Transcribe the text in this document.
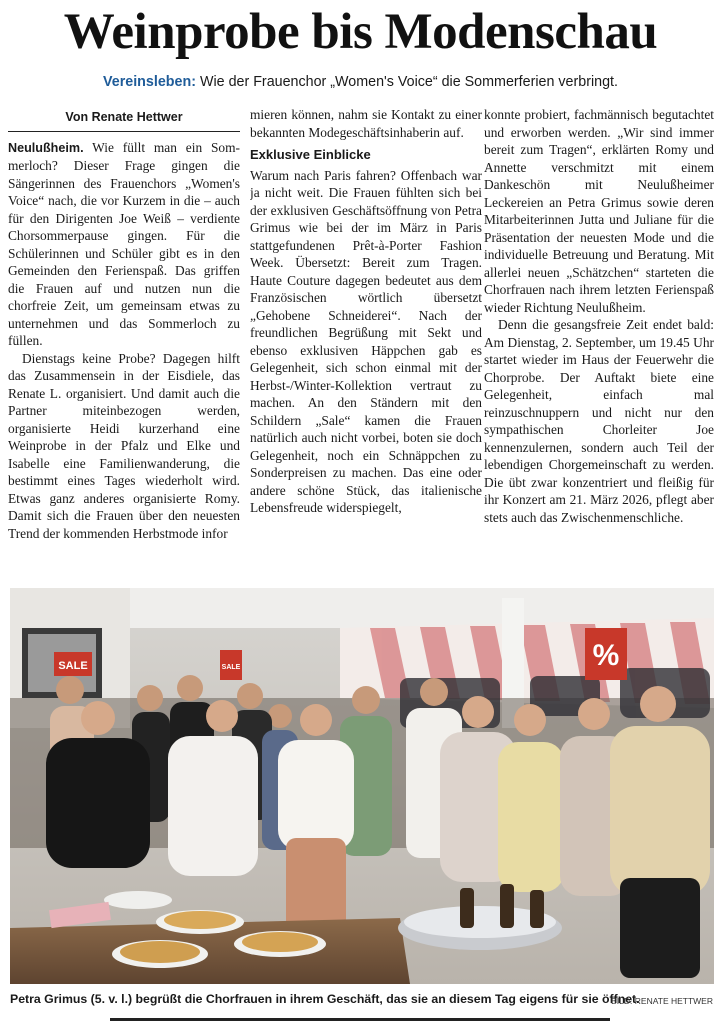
Weinprobe bis Modenschau
Vereinsleben: Wie der Frauenchor „Women's Voice“ die Sommerferien verbringt.
Von Renate Hettwer

Neulußheim. Wie füllt man ein Sommerloch? Dieser Frage gingen die Sängerinnen des Frauenchors „Women's Voice“ nach, die vor Kurzem in die – auch für den Dirigenten Joe Weiß – verdiente Chorsommerpause gingen. Für die Schülerinnen und Schüler gibt es in den Gemeinden den Ferienspaß. Das griffen die Frauen auf und nutzen nun die chorfreie Zeit, um gemeinsam etwas zu unternehmen und das Sommerloch zu füllen.

Dienstags keine Probe? Dagegen hilft das Zusammensein in der Eisdiele, das Renate L. organisiert. Und damit auch die Partner miteinbezogen werden, organisierte Heidi kurzerhand eine Weinprobe in der Pfalz und Elke und Isabelle eine Familienwanderung, die bestimmt eines Tages wiederholt wird. Etwas ganz anderes organisierte Romy. Damit sich die Frauen über den neuesten Trend der kommenden Herbstmode infor

mieren können, nahm sie Kontakt zu einer bekannten Modegeschäftsinhaberin auf.

Exklusive Einblicke

Warum nach Paris fahren? Offenbach war ja nicht weit. Die Frauen fühlten sich bei der exklusiven Geschäftsöffnung von Petra Grimus wie bei der im März in Paris stattgefundenen Prêt-à-Porter Fashion Week. Übersetzt: Bereit zum Tragen. Haute Couture dagegen bedeutet aus dem Französischen wörtlich übersetzt „Gehobene Schneiderei“. Nach der freundlichen Begrüßung mit Sekt und ebenso exklusiven Häppchen gab es Gelegenheit, sich schon einmal mit der Herbst-/Winter-Kollektion vertraut zu machen. An den Ständern mit den Schildern „Sale“ kamen die Frauen natürlich auch nicht vorbei, boten sie doch Gelegenheit, noch ein Schnäppchen zu Sonderpreisen zu machen. Das eine oder andere schöne Stück, das italienische Lebensfreude widerspiegelt,

konnte probiert, fachmännisch begutachtet und erworben werden. „Wir sind immer bereit zum Tragen“, erklärten Romy und Annette verschmitzt mit einem Dankeschön mit Neulußheimer Leckereien an Petra Grimus sowie deren Mitarbeiterinnen Jutta und Juliane für die Präsentation der neuesten Mode und die individuelle Betreuung und Beratung. Mit allerlei neuen „Schätzchen“ starteten die Chorfrauen nach ihrem letzten Ferienspaß wieder Richtung Neulußheim.

Denn die gesangsfreie Zeit endet bald: Am Dienstag, 2. September, um 19.45 Uhr startet wieder im Haus der Feuerwehr die Chorprobe. Der Auftakt biete eine Gelegenheit, einfach mal reinzuschnuppern und nicht nur den sympathischen Chorleiter Joe kennenzulernen, sondern auch Teil der lebendigen Chorgemeinschaft zu werden. Die übt zwar konzentriert und fleißig für ihr Konzert am 21. März 2026, pflegt aber stets auch das Zwischenmenschliche.

SALE	SALE	%
Petra Grimus (5. v. l.) begrüßt die Chorfrauen in ihrem Geschäft, das sie an diesem Tag eigens für sie öffnet.
BILD: RENATE HETTWER
